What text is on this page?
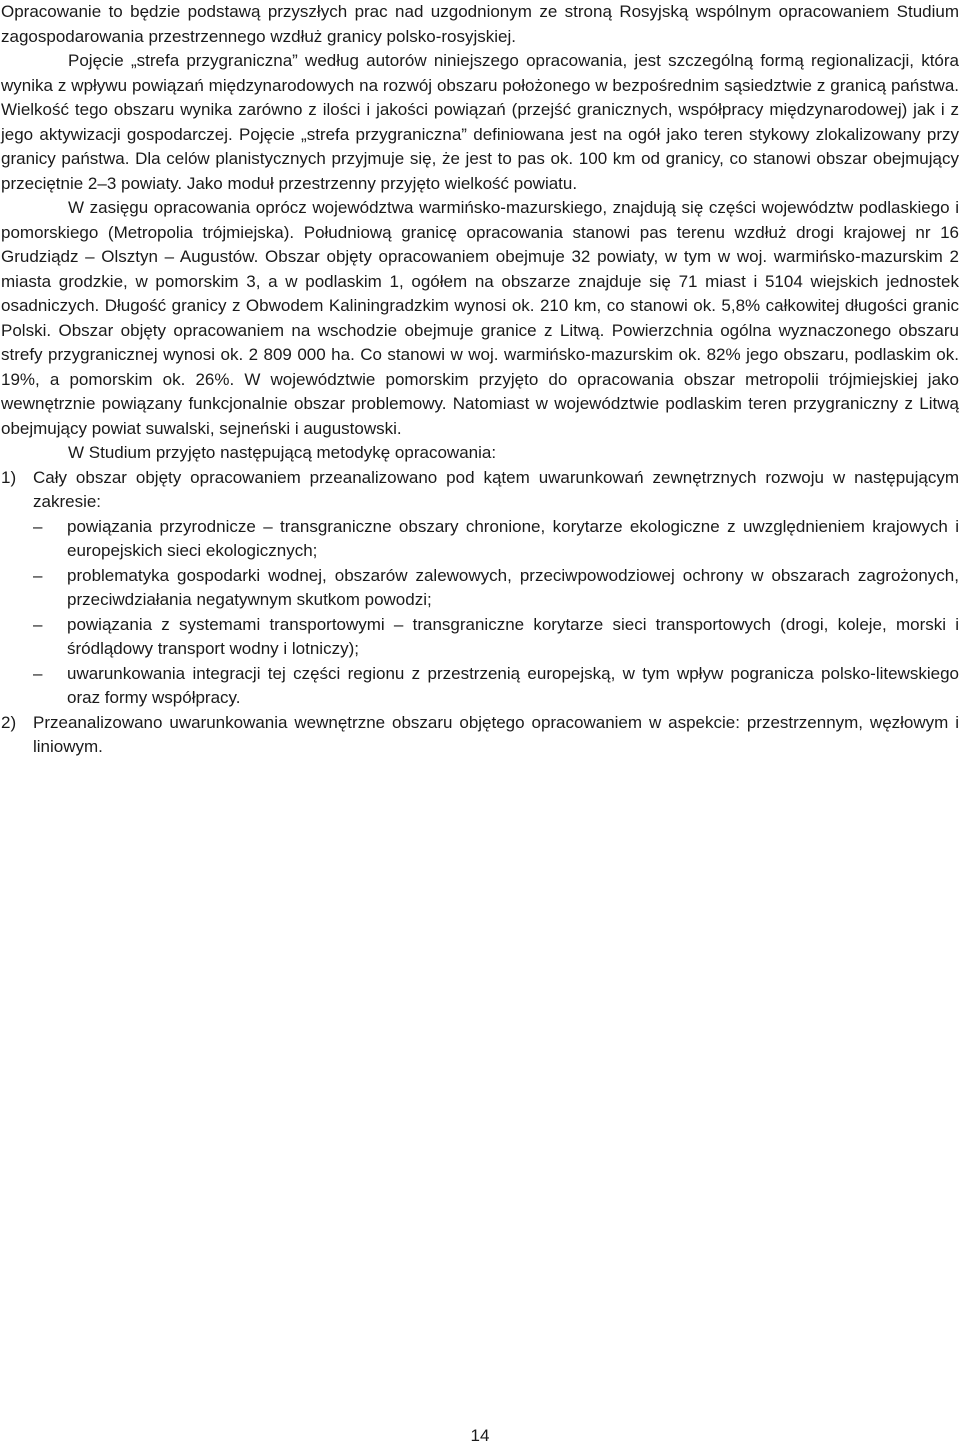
Opracowanie to będzie podstawą przyszłych prac nad uzgodnionym ze stroną Rosyjską wspólnym opracowaniem Studium zagospodarowania przestrzennego wzdłuż granicy polsko-rosyjskiej.

Pojęcie „strefa przygraniczna” według autorów niniejszego opracowania, jest szczególną formą regionalizacji, która wynika z wpływu powiązań międzynarodowych na rozwój obszaru położonego w bezpośrednim sąsiedztwie z granicą państwa. Wielkość tego obszaru wynika zarówno z ilości i jakości powiązań (przejść granicznych, współpracy międzynarodowej) jak i z jego aktywizacji gospodarczej. Pojęcie „strefa przygraniczna” definiowana jest na ogół jako teren stykowy zlokalizowany przy granicy państwa. Dla celów planistycznych przyjmuje się, że jest to pas ok. 100 km od granicy, co stanowi obszar obejmujący przeciętnie 2–3 powiaty. Jako moduł przestrzenny przyjęto wielkość powiatu.

W zasięgu opracowania oprócz województwa warmińsko-mazurskiego, znajdują się części województw podlaskiego i pomorskiego (Metropolia trójmiejska). Południową granicę opracowania stanowi pas terenu wzdłuż drogi krajowej nr 16 Grudziądz – Olsztyn – Augustów. Obszar objęty opracowaniem obejmuje 32 powiaty, w tym w woj. warmińsko-mazurskim 2 miasta grodzkie, w pomorskim 3, a w podlaskim 1, ogółem na obszarze znajduje się 71 miast i 5104 wiejskich jednostek osadniczych. Długość granicy z Obwodem Kaliningradzkim wynosi ok. 210 km, co stanowi ok. 5,8% całkowitej długości granic Polski. Obszar objęty opracowaniem na wschodzie obejmuje granice z Litwą. Powierzchnia ogólna wyznaczonego obszaru strefy przygranicznej wynosi ok. 2 809 000 ha. Co stanowi w woj. warmińsko-mazurskim ok. 82% jego obszaru, podlaskim ok. 19%, a pomorskim ok. 26%. W województwie pomorskim przyjęto do opracowania obszar metropolii trójmiejskiej jako wewnętrznie powiązany funkcjonalnie obszar problemowy. Natomiast w województwie podlaskim teren przygraniczny z Litwą obejmujący powiat suwalski, sejneński i augustowski.

W Studium przyjęto następującą metodykę opracowania:

1) Cały obszar objęty opracowaniem przeanalizowano pod kątem uwarunkowań zewnętrznych rozwoju w następującym zakresie:
– powiązania przyrodnicze – transgraniczne obszary chronione, korytarze ekologiczne z uwzględnieniem krajowych i europejskich sieci ekologicznych;
– problematyka gospodarki wodnej, obszarów zalewowych, przeciwpowodziowej ochrony w obszarach zagrożonych, przeciwdziałania negatywnym skutkom powodzi;
– powiązania z systemami transportowymi – transgraniczne korytarze sieci transportowych (drogi, koleje, morski i śródlądowy transport wodny i lotniczy);
– uwarunkowania integracji tej części regionu z przestrzenią europejską, w tym wpływ pogranicza polsko-litewskiego oraz formy współpracy.
2) Przeanalizowano uwarunkowania wewnętrzne obszaru objętego opracowaniem w aspekcie: przestrzennym, węzłowym i liniowym.
14
